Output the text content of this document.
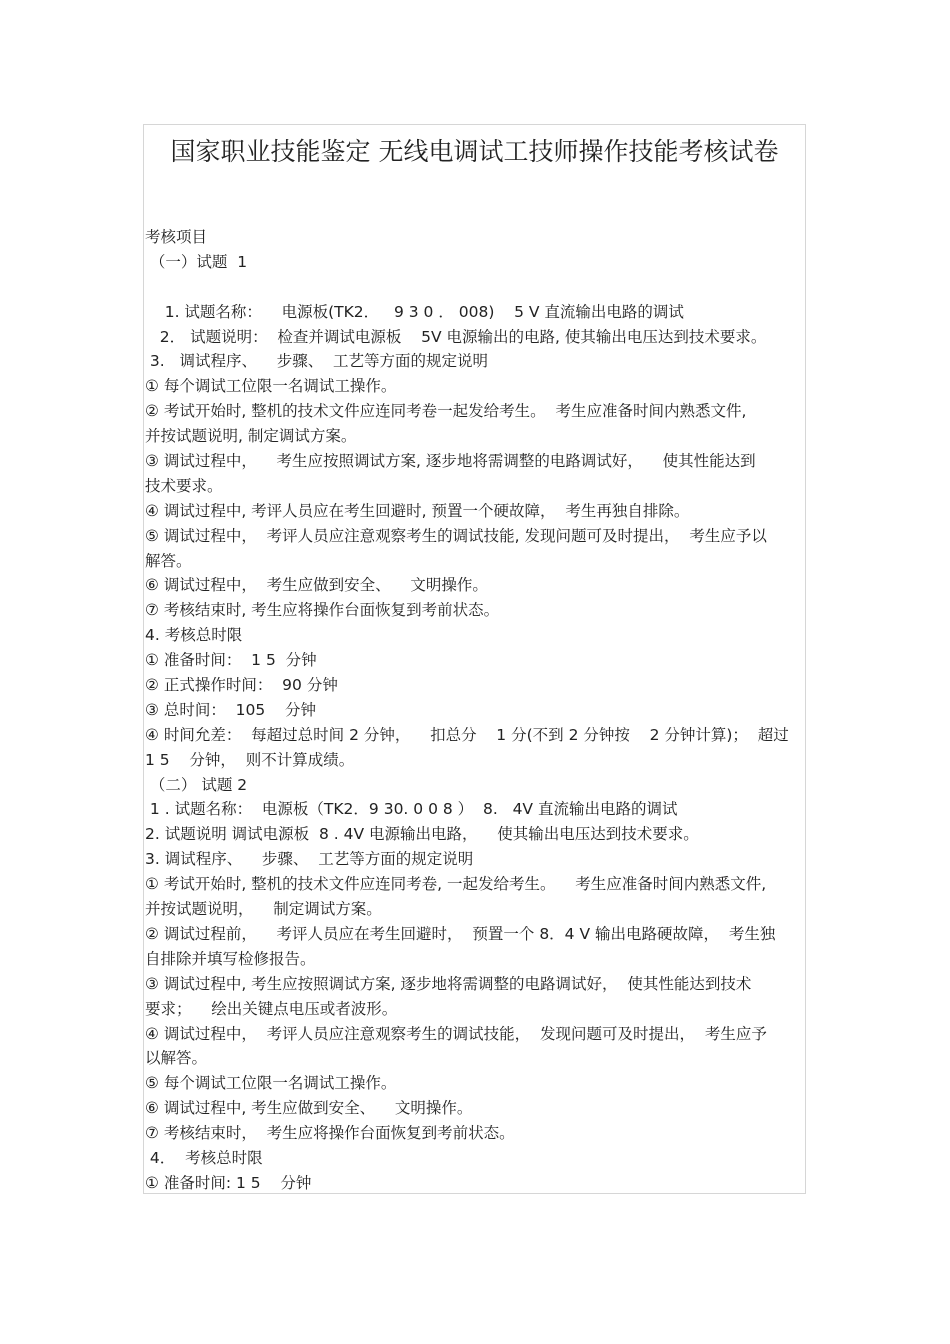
国家职业技能鉴定 无线电调试工技师操作技能考核试卷
考核项目
（一）试题  1
1. 试题名称：    电源板(TK2．   9 3 0 ． 008)    5 V 直流输出电路的调试
2． 试题说明：  检查并调试电源板    5V 电源输出的电路, 使其输出电压达到技术要求。
3.   调试程序、    步骤、  工艺等方面的规定说明
① 每个调试工位限一名调试工操作。
② 考试开始时, 整机的技术文件应连同考卷一起发给考生。  考生应准备时间内熟悉文件,
并按试题说明, 制定调试方案。
③ 调试过程中，    考生应按照调试方案, 逐步地将需调整的电路调试好，    使其性能达到
技术要求。
④ 调试过程中, 考评人员应在考生回避时, 预置一个硬故障，  考生再独自排除。
⑤ 调试过程中，  考评人员应注意观察考生的调试技能, 发现问题可及时提出，  考生应予以
解答。
⑥ 调试过程中，  考生应做到安全、    文明操作。
⑦ 考核结束时, 考生应将操作台面恢复到考前状态。
4. 考核总时限
① 准备时间：  1 5  分钟
② 正式操作时间：  90 分钟
③ 总时间：  105    分钟
④ 时间允差：  每超过总时间 2 分钟，    扣总分    1 分(不到 2 分钟按    2 分钟计算)；  超过
1 5    分钟，  则不计算成绩。
（二） 试题 2
1 . 试题名称：  电源板（TK2．9 30. 0 0 8 ）  8.   4V 直流输出电路的调试
2. 试题说明 调试电源板  8 . 4V 电源输出电路，    使其输出电压达到技术要求。
3. 调试程序、    步骤、  工艺等方面的规定说明
① 考试开始时, 整机的技术文件应连同考卷, 一起发给考生。    考生应准备时间内熟悉文件,
并按试题说明，    制定调试方案。
② 调试过程前，    考评人员应在考生回避时，  预置一个 8．4 V 输出电路硬故障，  考生独
自排除并填写检修报告。
③ 调试过程中, 考生应按照调试方案, 逐步地将需调整的电路调试好，  使其性能达到技术
要求；    绘出关键点电压或者波形。
④ 调试过程中，  考评人员应注意观察考生的调试技能，  发现问题可及时提出，  考生应予
以解答。
⑤ 每个调试工位限一名调试工操作。
⑥ 调试过程中, 考生应做到安全、    文明操作。
⑦ 考核结束时，  考生应将操作台面恢复到考前状态。
4．  考核总时限
① 准备时间: 1 5    分钟
